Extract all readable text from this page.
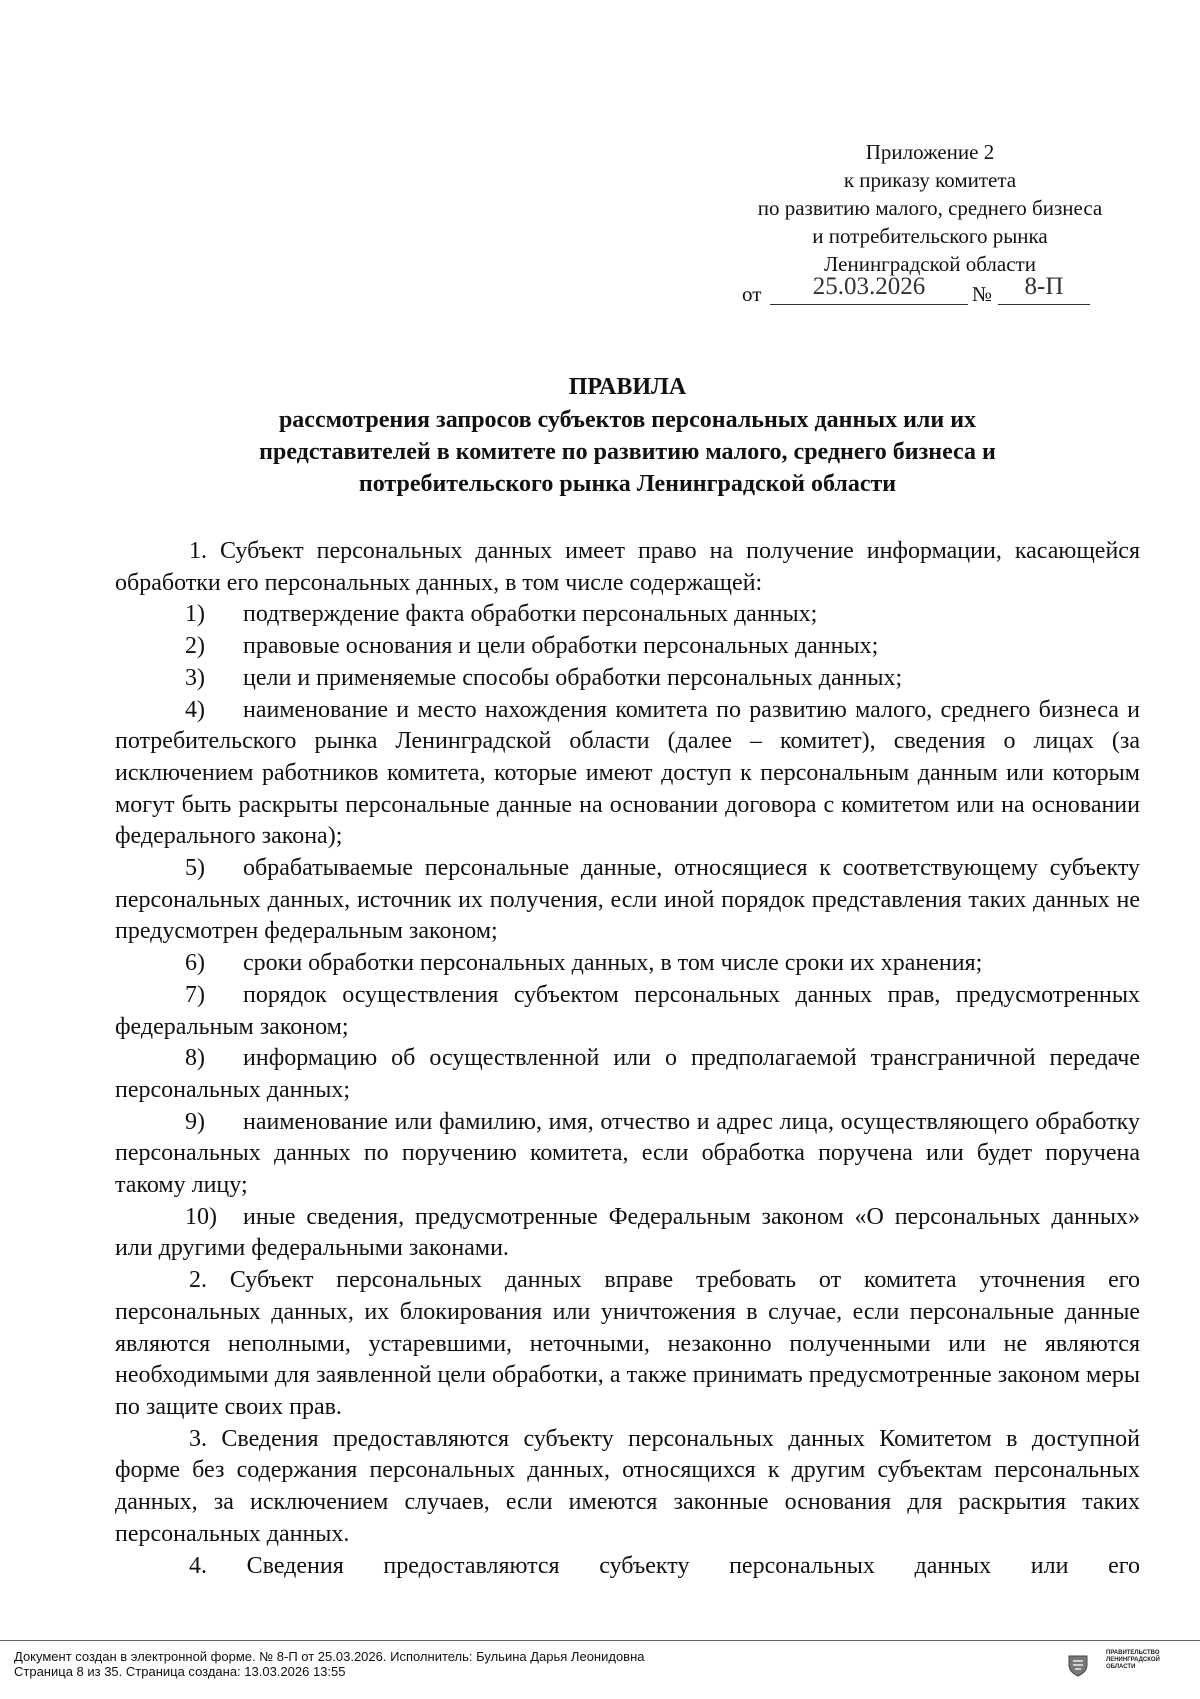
Приложение 2
к приказу комитета
по развитию малого, среднего бизнеса
и потребительского рынка
Ленинградской области
от	25.03.2026	№	8-П
ПРАВИЛА
рассмотрения запросов субъектов персональных данных или их
представителей в комитете по развитию малого, среднего бизнеса и
потребительского рынка Ленинградской области

1. Субъект персональных данных имеет право на получение информации, касающейся обработки его персональных данных, в том числе содержащей:

1) подтверждение факта обработки персональных данных;

2) правовые основания и цели обработки персональных данных;

3) цели и применяемые способы обработки персональных данных;

4) наименование и место нахождения комитета по развитию малого, среднего бизнеса и потребительского рынка Ленинградской области (далее – комитет), сведения о лицах (за исключением работников комитета, которые имеют доступ к персональным данным или которым могут быть раскрыты персональные данные на основании договора с комитетом или на основании федерального закона);

5) обрабатываемые персональные данные, относящиеся к соответствующему субъекту персональных данных, источник их получения, если иной порядок представления таких данных не предусмотрен федеральным законом;

6) сроки обработки персональных данных, в том числе сроки их хранения;

7) порядок осуществления субъектом персональных данных прав, предусмотренных федеральным законом;

8) информацию об осуществленной или о предполагаемой трансграничной передаче персональных данных;

9) наименование или фамилию, имя, отчество и адрес лица, осуществляющего обработку персональных данных по поручению комитета, если обработка поручена или будет поручена такому лицу;

10) иные сведения, предусмотренные Федеральным законом «О персональных данных» или другими федеральными законами.

2. Субъект персональных данных вправе требовать от комитета уточнения его персональных данных, их блокирования или уничтожения в случае, если персональные данные являются неполными, устаревшими, неточными, незаконно полученными или не являются необходимыми для заявленной цели обработки, а также принимать предусмотренные законом меры по защите своих прав.

3. Сведения предоставляются субъекту персональных данных Комитетом в доступной форме без содержания персональных данных, относящихся к другим субъектам персональных данных, за исключением случаев, если имеются законные основания для раскрытия таких персональных данных.

4. Сведения предоставляются субъекту персональных данных или его

Документ создан в электронной форме. № 8-П от 25.03.2026. Исполнитель: Бульина Дарья Леонидовна
Страница 8 из 35. Страница создана: 13.03.2026 13:55
ПРАВИТЕЛЬСТВО
ЛЕНИНГРАДСКОЙ
ОБЛАСТИ
